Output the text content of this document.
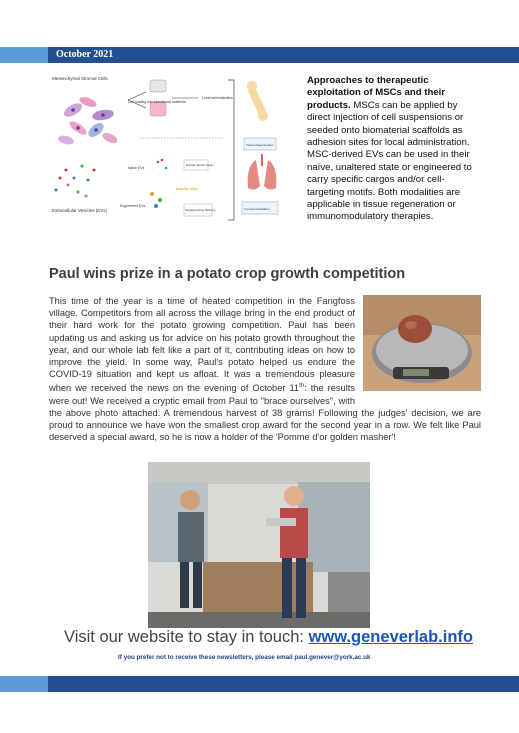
October 2021
Mesenchymal Stromal Cells
Cell loading into biomaterial scaffolds
Local administration
Extracellular Vesicles (EVs)
Naive EVs
Exploit natural cargo
Bioactive cargo
Engineered EVs
Targeted Drug Delivery
Tissue Regeneration
Immunomodulation
Approaches to therapeutic exploitation of MSCs and their products. MSCs can be applied by direct injection of cell suspensions or seeded onto biomaterial scaffolds as adhesion sites for local administration. MSC-derived EVs can be used in their naïve, unaltered state or engineered to carry specific cargos and/or cell-targeting motifs. Both modalities are applicable in tissue regeneration or immunomodulatory therapies.
Paul wins prize in a potato crop growth competition
This time of the year is a time of heated competition in the Fangfoss village. Competitors from all across the village bring in the end product of their hard work for the potato growing competition. Paul has been updating us and asking us for advice on his potato growth throughout the year, and our whole lab felt like a part of it, contributing ideas on how to improve the yield. In some way, Paul's potato helped us endure the COVID-19 situation and kept us afloat. It was a tremendous pleasure when we received the news on the evening of October 11th: the results were out! We received a cryptic email from Paul to "brace ourselves", with the above photo attached. A tremendous harvest of 38 grams! Following the judges' decision, we are proud to announce we have won the smallest crop award for the second year in a row. We felt like Paul deserved a special award, so he is now a holder of the 'Pomme d'or golden masher'!
Visit our website to stay in touch: www.geneverlab.info
If you prefer not to receive these newsletters, please email paul.genever@york.ac.uk
